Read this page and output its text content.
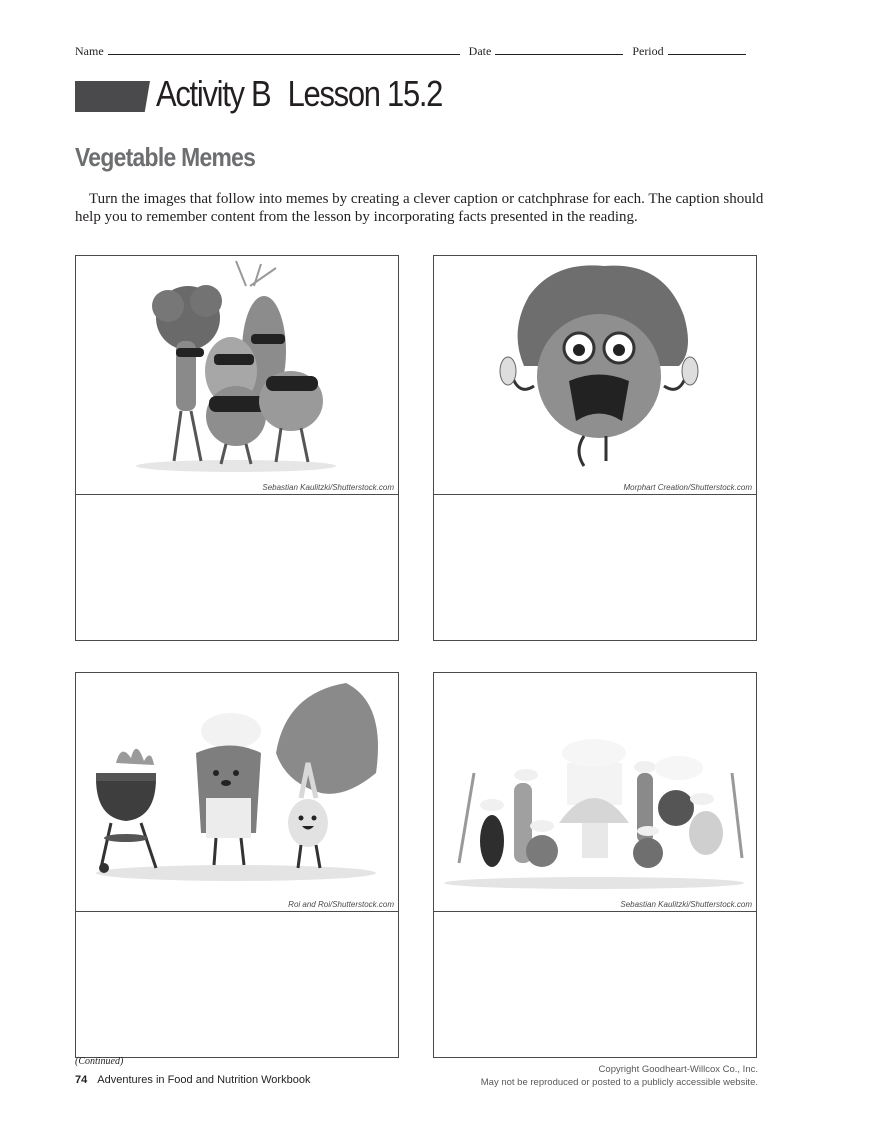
Name	Date	Period
Activity B Lesson 15.2
Vegetable Memes

Turn the images that follow into memes by creating a clever caption or catchphrase for each. The caption should help you to remember content from the lesson by incorporating facts presented in the reading.

Sebastian Kaulitzki/Shutterstock.com	Morphart Creation/Shutterstock.com
Roi and Roi/Shutterstock.com	Sebastian Kaulitzki/Shutterstock.com
(Continued)
74 Adventures in Food and Nutrition Workbook
Copyright Goodheart-Willcox Co., Inc.
May not be reproduced or posted to a publicly accessible website.
